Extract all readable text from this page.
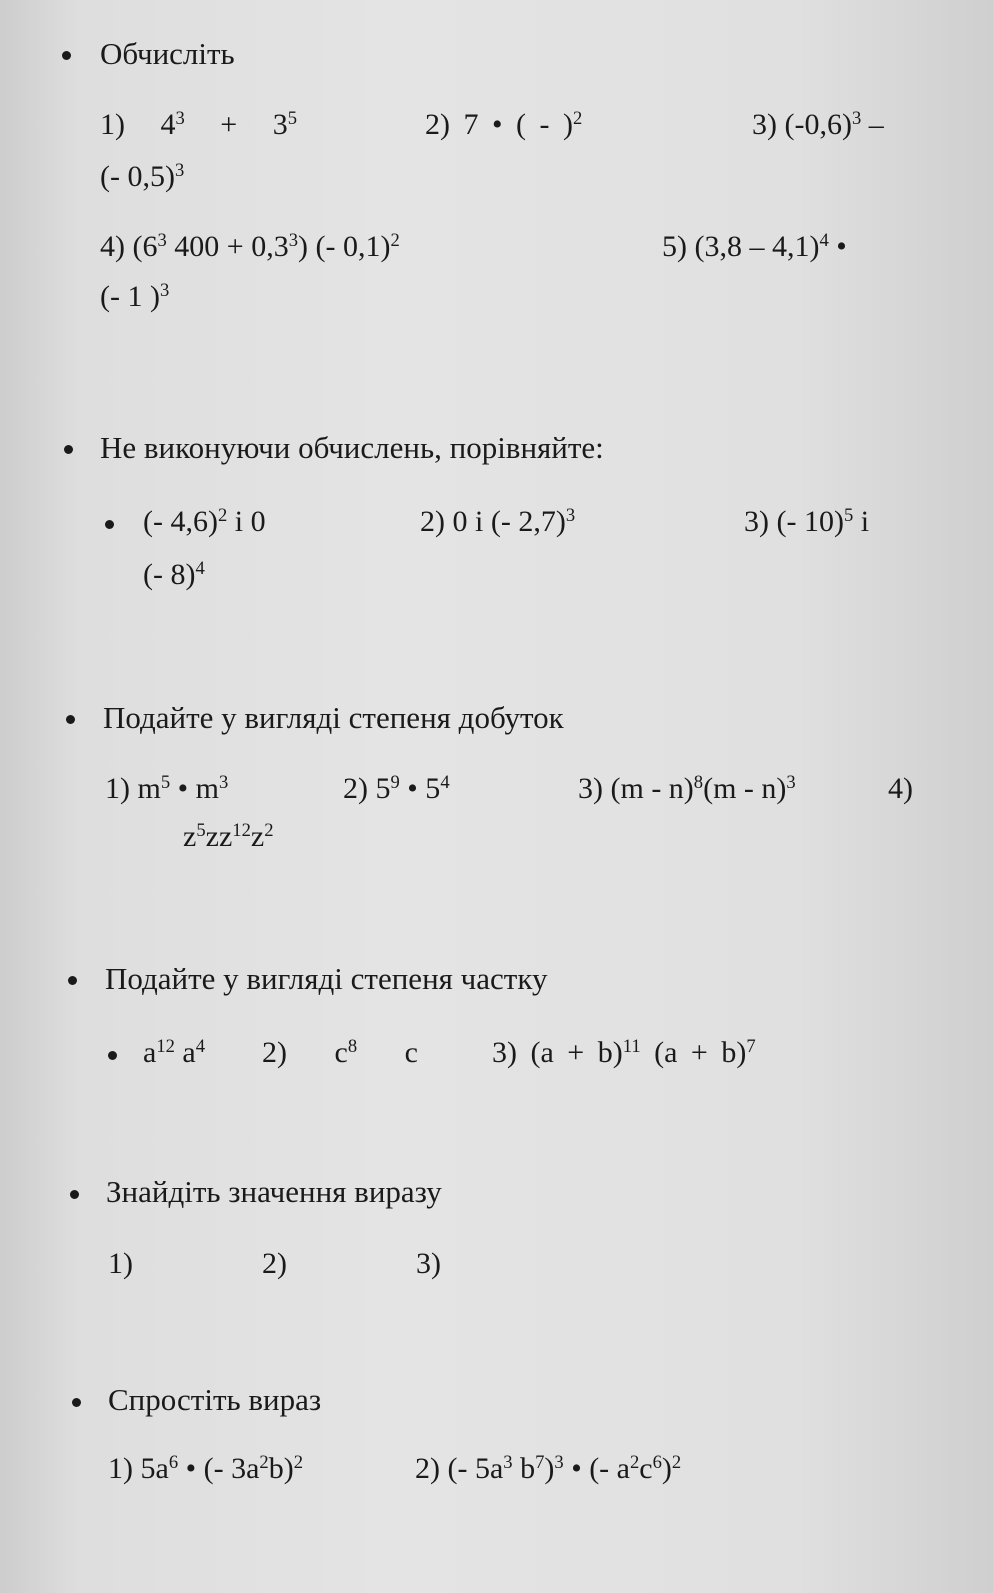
Обчисліть
1) $4^3 + 3^5$	2) 7 • ( - )$^2$	3) $(-0,6)^3$ –
(- 0,5)$^3$
4) ($6^3$ $400 + 0,3^3$) (- 0,1)$^2$	5) (3,8 – 4,1)$^4$ •
(- 1 )$^3$
Не виконуючи обчислень, порівняйте:
(- 4,6)$^2$ і 0	2) 0 і (- 2,7)$^3$	3) (- 10)$^5$ і
(- 8)$^4$
Подайте у вигляді степеня добуток
1) $m^5$ • $m^3$	2) $5^9$ • $5^4$	3) (m - n)$^8$(m - n)$^3$	4)
$z^5zz^{12}z^2$
Подайте у вигляді степеня частку
$a^{12}$ $a^4$ 2) $c^8$ c 3) $(a + b)^{11}$ $(a + b)^7$
Знайдіть значення виразу
1)	2)	3)
Спростіть вираз
1) $5a^6$ • (- $3a^2b)^2$	2) (- $5a^3$ $b^7)^3$ • (- $a^2c^6)^2$
